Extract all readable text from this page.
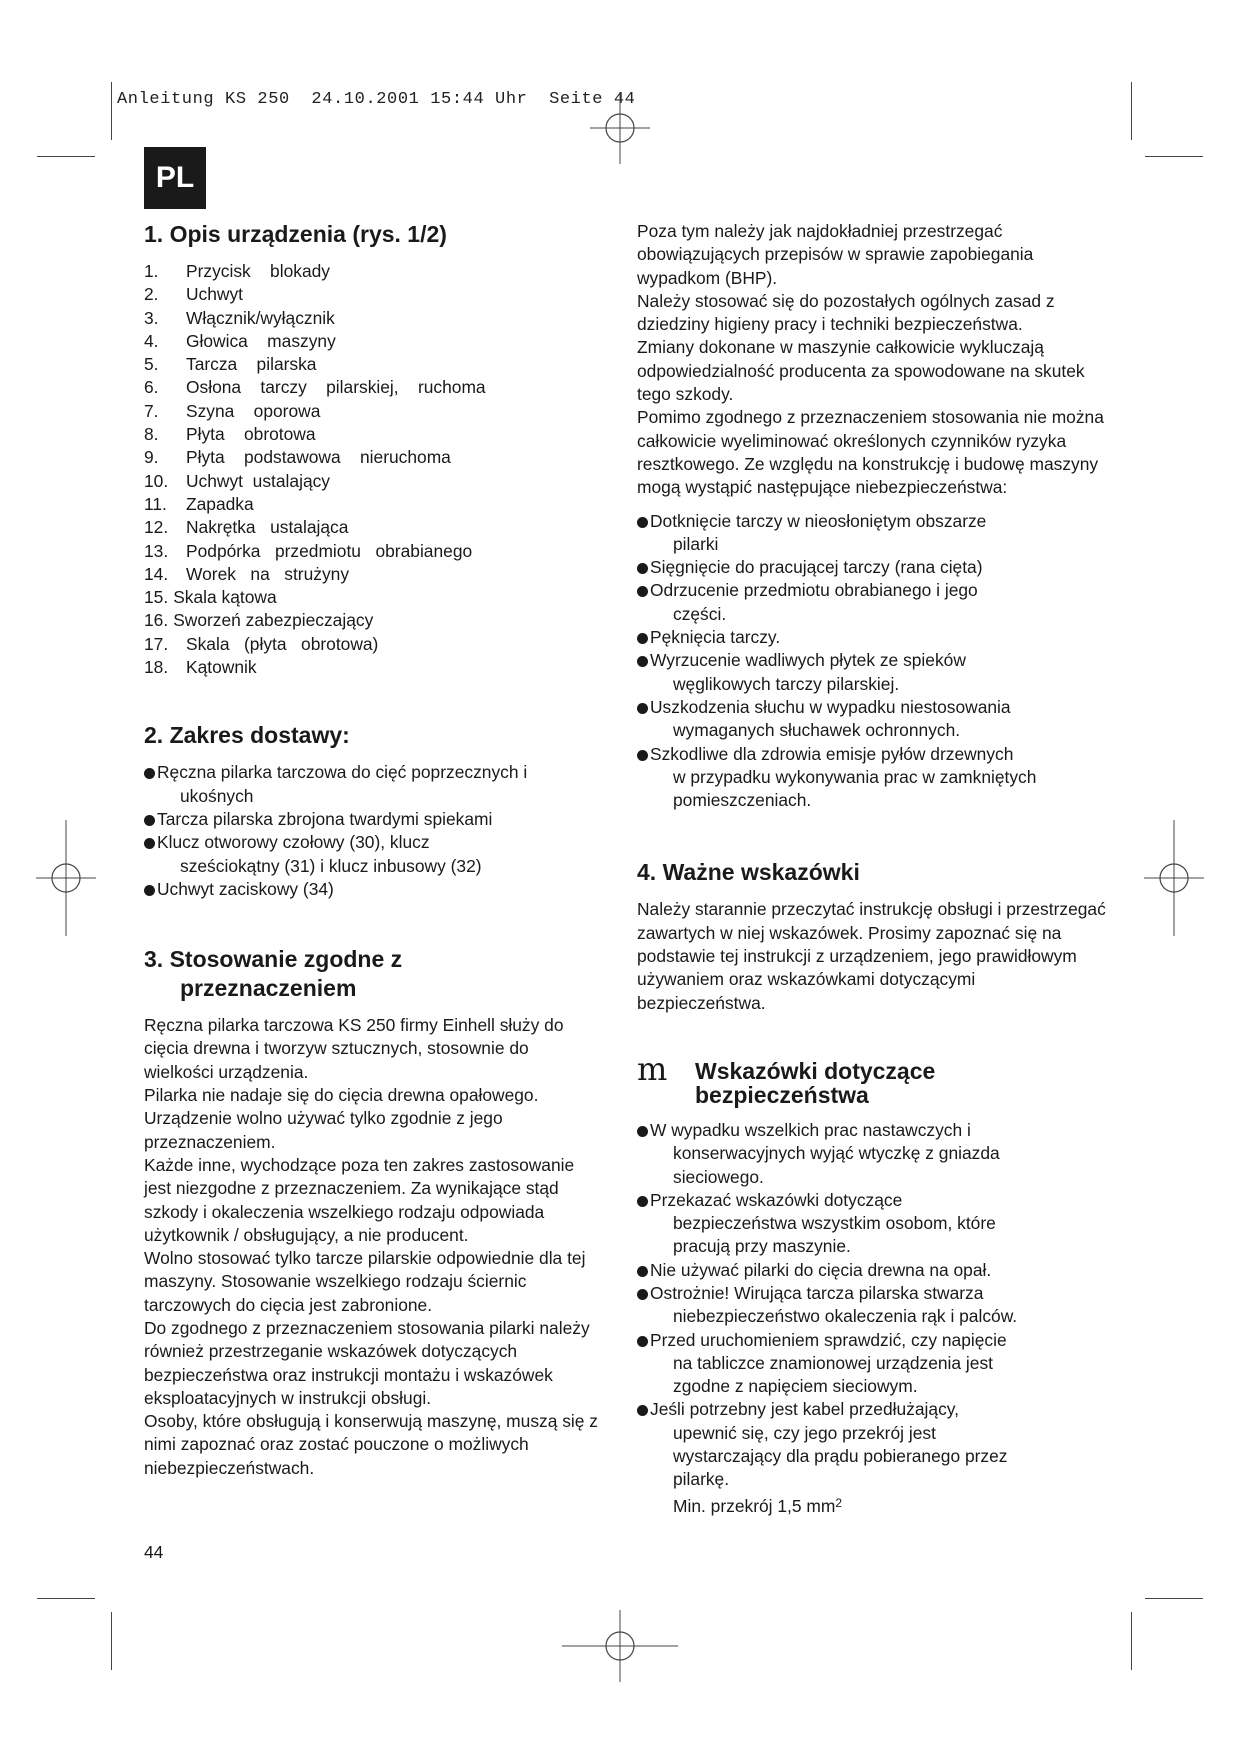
Anleitung KS 250  24.10.2001 15:44 Uhr  Seite 44
PL
1. Opis urządzenia (rys. 1/2)
1.	Przycisk    blokady
2.	Uchwyt
3.	Włącznik/wyłącznik
4.	Głowica    maszyny
5.	Tarcza    pilarska
6.	Osłona    tarczy    pilarskiej,    ruchoma
7.	Szyna    oporowa
8.	Płyta    obrotowa
9.	Płyta    podstawowa    nieruchoma
10.	Uchwyt  ustalający
11.	Zapadka
12.	Nakrętka   ustalająca
13.	Podpórka   przedmiotu   obrabianego
14.	Worek   na   strużyny
15. Skala kątowa
16. Sworzeń zabezpieczający
17.	Skala   (płyta   obrotowa)
18.	Kątownik
2. Zakres dostawy:
Ręczna pilarka tarczowa do cięć poprzecznych i
ukośnych
Tarcza pilarska zbrojona twardymi spiekami
Klucz otworowy czołowy (30), klucz
sześciokątny (31) i klucz inbusowy (32)
Uchwyt zaciskowy (34)
3. Stosowanie zgodne z

przeznaczeniem

Ręczna pilarka tarczowa KS 250 firmy Einhell służy do cięcia drewna i tworzyw sztucznych, stosownie do wielkości urządzenia.
Pilarka nie nadaje się do cięcia drewna opałowego. Urządzenie wolno używać tylko zgodnie z jego przeznaczeniem.
Każde inne, wychodzące poza ten zakres zastosowanie jest niezgodne z przeznaczeniem. Za wynikające stąd szkody i okaleczenia wszelkiego rodzaju odpowiada użytkownik / obsługujący, a nie producent.
Wolno stosować tylko tarcze pilarskie odpowiednie dla tej maszyny. Stosowanie wszelkiego rodzaju ściernic tarczowych do cięcia jest zabronione.
Do zgodnego z przeznaczeniem stosowania pilarki należy również przestrzeganie wskazówek dotyczących bezpieczeństwa oraz instrukcji montażu i wskazówek eksploatacyjnych w instrukcji obsługi.
Osoby, które obsługują i konserwują maszynę, muszą się z nimi zapoznać oraz zostać pouczone o możliwych niebezpieczeństwach.

Poza tym należy jak najdokładniej przestrzegać obowiązujących przepisów w sprawie zapobiegania wypadkom (BHP).
Należy stosować się do pozostałych ogólnych zasad z dziedziny higieny pracy i techniki bezpieczeństwa.
Zmiany dokonane w maszynie całkowicie wykluczają odpowiedzialność producenta za spowodowane na skutek tego szkody.
Pomimo zgodnego z przeznaczeniem stosowania nie można całkowicie wyeliminować określonych czynników ryzyka resztkowego. Ze względu na konstrukcję i budowę maszyny mogą wystąpić następujące niebezpieczeństwa:

Dotknięcie tarczy w nieosłoniętym obszarze
pilarki
Sięgnięcie do pracującej tarczy (rana cięta)
Odrzucenie przedmiotu obrabianego i jego
części.
Pęknięcia tarczy.
Wyrzucenie wadliwych płytek ze spieków
węglikowych tarczy pilarskiej.
Uszkodzenia słuchu w wypadku niestosowania
wymaganych słuchawek ochronnych.
Szkodliwe dla zdrowia emisje pyłów drzewnych
w przypadku wykonywania prac w zamkniętych
pomieszczeniach.
4. Ważne wskazówki

Należy starannie przeczytać instrukcję obsługi i przestrzegać zawartych w niej wskazówek. Prosimy zapoznać się na podstawie tej instrukcji z urządzeniem, jego prawidłowym używaniem oraz wskazówkami dotyczącymi bezpieczeństwa.

m	Wskazówki dotyczące
bezpieczeństwa
W wypadku wszelkich prac nastawczych i
konserwacyjnych wyjąć wtyczkę z gniazda
sieciowego.
Przekazać wskazówki dotyczące
bezpieczeństwa wszystkim osobom, które
pracują przy maszynie.
Nie używać pilarki do cięcia drewna na opał.
Ostrożnie! Wirująca tarcza pilarska stwarza
niebezpieczeństwo okaleczenia rąk i palców.
Przed uruchomieniem sprawdzić, czy napięcie
na tabliczce znamionowej urządzenia jest
zgodne z napięciem sieciowym.
Jeśli potrzebny jest kabel przedłużający,
upewnić się, czy jego przekrój jest
wystarczający dla prądu pobieranego przez
pilarkę.
Min. przekrój 1,5 $mm^2$
44
